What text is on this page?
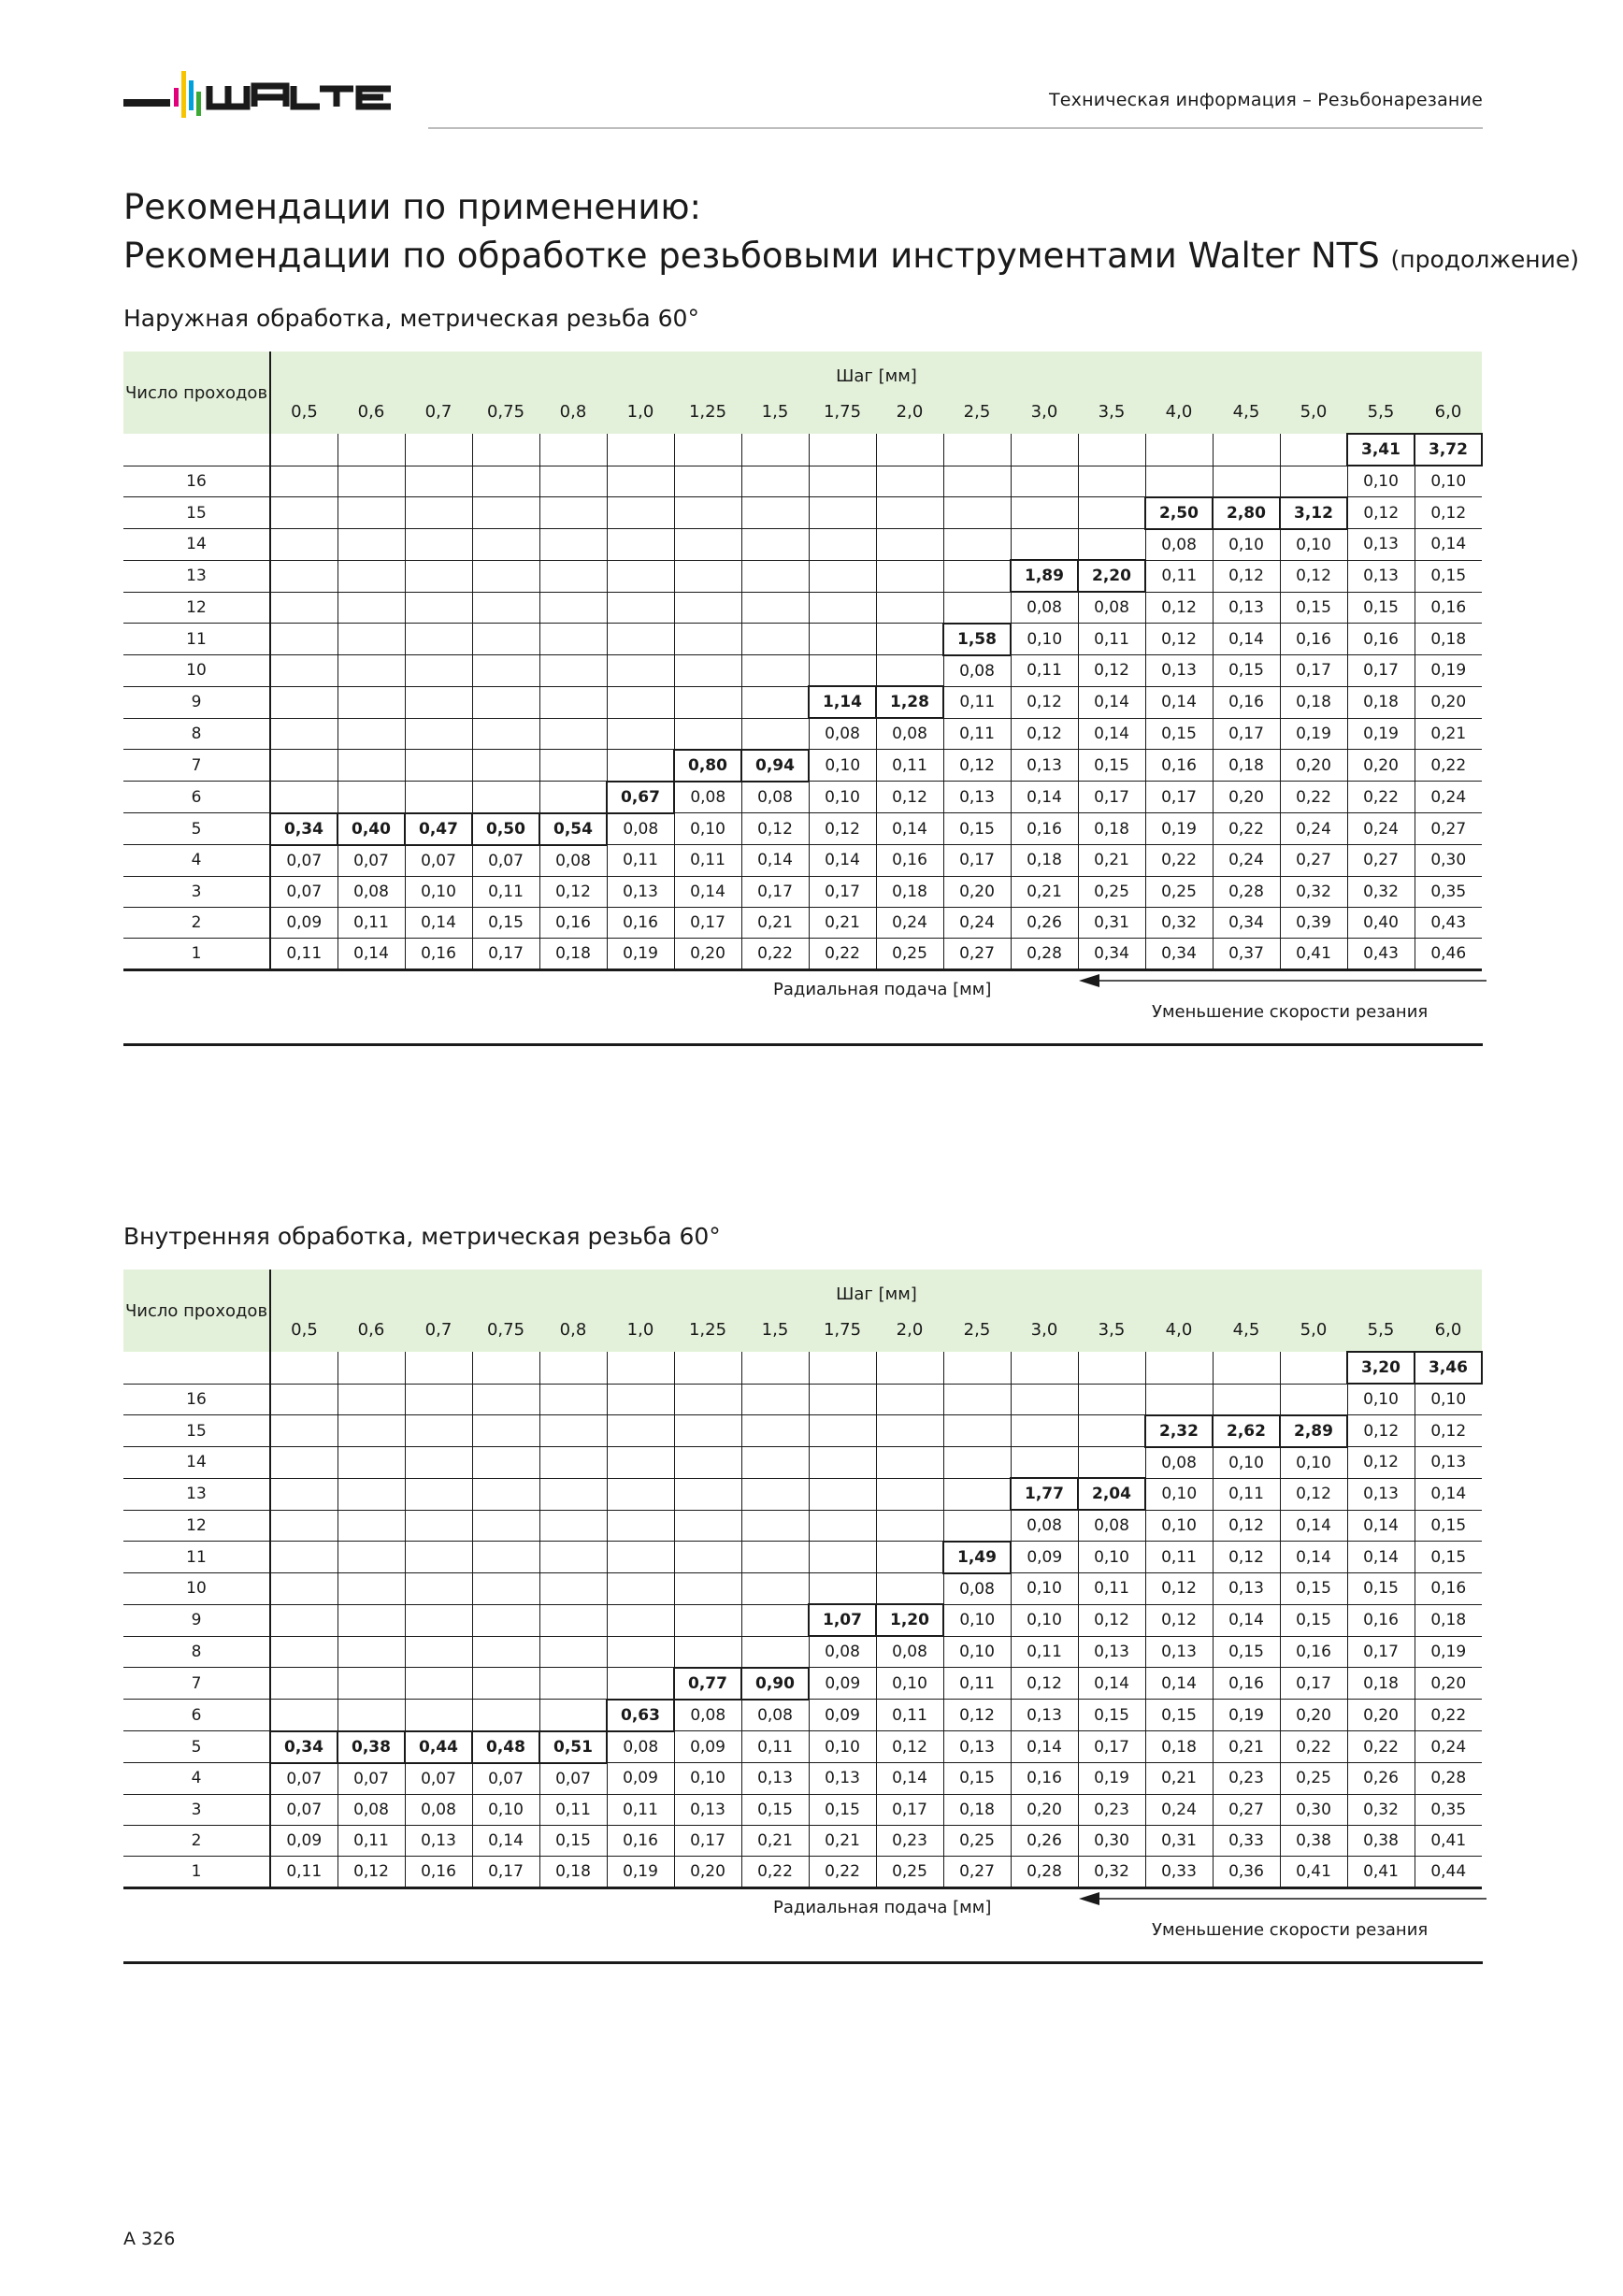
Техническая информация – Резьбонарезание
Рекомендации по применению:
Рекомендации по обработке резьбовыми инструментами Walter NTS (продолжение)
Наружная обработка, метрическая резьба 60°
Число проходов	Шаг [мм]																	
	0,5	0,6	0,7	0,75	0,8	1,0	1,25	1,5	1,75	2,0	2,5	3,0	3,5	4,0	4,5	5,0	5,5	6,0
																	3,41	3,72
16																	0,10	0,10
15														2,50	2,80	3,12	0,12	0,12
14														0,08	0,10	0,10	0,13	0,14
13												1,89	2,20	0,11	0,12	0,12	0,13	0,15
12												0,08	0,08	0,12	0,13	0,15	0,15	0,16
11											1,58	0,10	0,11	0,12	0,14	0,16	0,16	0,18
10											0,08	0,11	0,12	0,13	0,15	0,17	0,17	0,19
9									1,14	1,28	0,11	0,12	0,14	0,14	0,16	0,18	0,18	0,20
8									0,08	0,08	0,11	0,12	0,14	0,15	0,17	0,19	0,19	0,21
7							0,80	0,94	0,10	0,11	0,12	0,13	0,15	0,16	0,18	0,20	0,20	0,22
6						0,67	0,08	0,08	0,10	0,12	0,13	0,14	0,17	0,17	0,20	0,22	0,22	0,24
5	0,34	0,40	0,47	0,50	0,54	0,08	0,10	0,12	0,12	0,14	0,15	0,16	0,18	0,19	0,22	0,24	0,24	0,27
4	0,07	0,07	0,07	0,07	0,08	0,11	0,11	0,14	0,14	0,16	0,17	0,18	0,21	0,22	0,24	0,27	0,27	0,30
3	0,07	0,08	0,10	0,11	0,12	0,13	0,14	0,17	0,17	0,18	0,20	0,21	0,25	0,25	0,28	0,32	0,32	0,35
2	0,09	0,11	0,14	0,15	0,16	0,16	0,17	0,21	0,21	0,24	0,24	0,26	0,31	0,32	0,34	0,39	0,40	0,43
1	0,11	0,14	0,16	0,17	0,18	0,19	0,20	0,22	0,22	0,25	0,27	0,28	0,34	0,34	0,37	0,41	0,43	0,46
Радиальная подача [мм]
Уменьшение скорости резания
Внутренняя обработка, метрическая резьба 60°
Число проходов	Шаг [мм]																	
	0,5	0,6	0,7	0,75	0,8	1,0	1,25	1,5	1,75	2,0	2,5	3,0	3,5	4,0	4,5	5,0	5,5	6,0
																	3,20	3,46
16																	0,10	0,10
15														2,32	2,62	2,89	0,12	0,12
14														0,08	0,10	0,10	0,12	0,13
13												1,77	2,04	0,10	0,11	0,12	0,13	0,14
12												0,08	0,08	0,10	0,12	0,14	0,14	0,15
11											1,49	0,09	0,10	0,11	0,12	0,14	0,14	0,15
10											0,08	0,10	0,11	0,12	0,13	0,15	0,15	0,16
9									1,07	1,20	0,10	0,10	0,12	0,12	0,14	0,15	0,16	0,18
8									0,08	0,08	0,10	0,11	0,13	0,13	0,15	0,16	0,17	0,19
7							0,77	0,90	0,09	0,10	0,11	0,12	0,14	0,14	0,16	0,17	0,18	0,20
6						0,63	0,08	0,08	0,09	0,11	0,12	0,13	0,15	0,15	0,19	0,20	0,20	0,22
5	0,34	0,38	0,44	0,48	0,51	0,08	0,09	0,11	0,10	0,12	0,13	0,14	0,17	0,18	0,21	0,22	0,22	0,24
4	0,07	0,07	0,07	0,07	0,07	0,09	0,10	0,13	0,13	0,14	0,15	0,16	0,19	0,21	0,23	0,25	0,26	0,28
3	0,07	0,08	0,08	0,10	0,11	0,11	0,13	0,15	0,15	0,17	0,18	0,20	0,23	0,24	0,27	0,30	0,32	0,35
2	0,09	0,11	0,13	0,14	0,15	0,16	0,17	0,21	0,21	0,23	0,25	0,26	0,30	0,31	0,33	0,38	0,38	0,41
1	0,11	0,12	0,16	0,17	0,18	0,19	0,20	0,22	0,22	0,25	0,27	0,28	0,32	0,33	0,36	0,41	0,41	0,44
Радиальная подача [мм]
Уменьшение скорости резания
A 326
